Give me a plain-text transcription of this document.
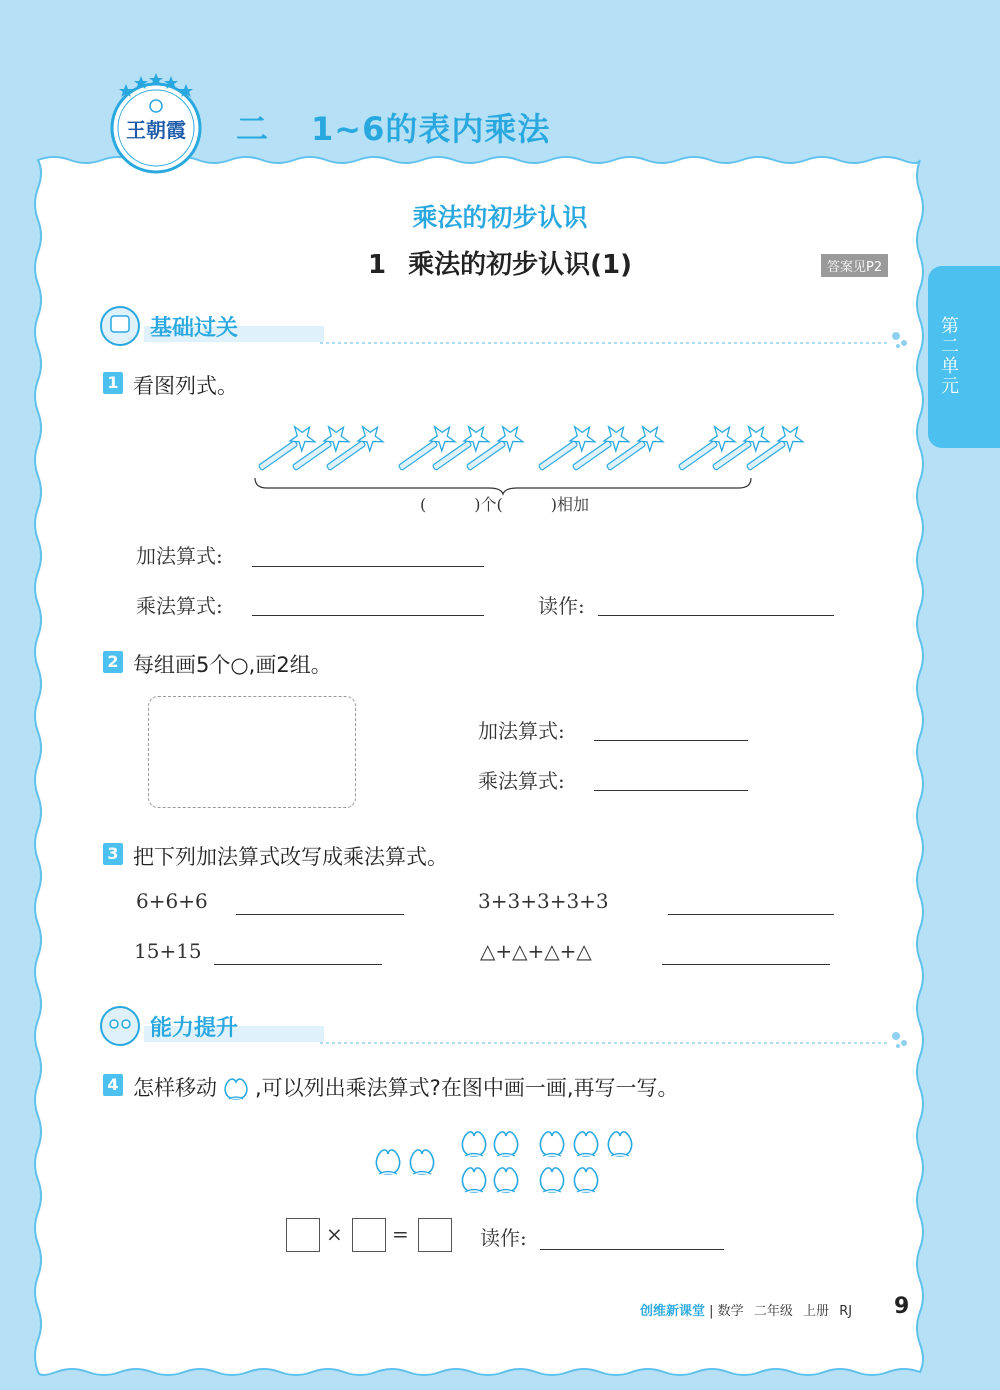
王朝霞	二 1~6的表内乘法
乘法的初步认识
1 乘法的初步认识(1)	答案见P2
第二单元
基础过关
1 看图列式。
(	)个(	)相加
加法算式:
乘法算式:	读作:
2 每组画5个○,画2组。
加法算式:
乘法算式:
3 把下列加法算式改写成乘法算式。
6+6+6	3+3+3+3+3
15+15	△+△+△+△
能力提升
4 怎样移动 ,可以列出乘法算式?在图中画一画,再写一写。
× =	读作:
创维新课堂 | 数学 二年级 上册 RJ 9
